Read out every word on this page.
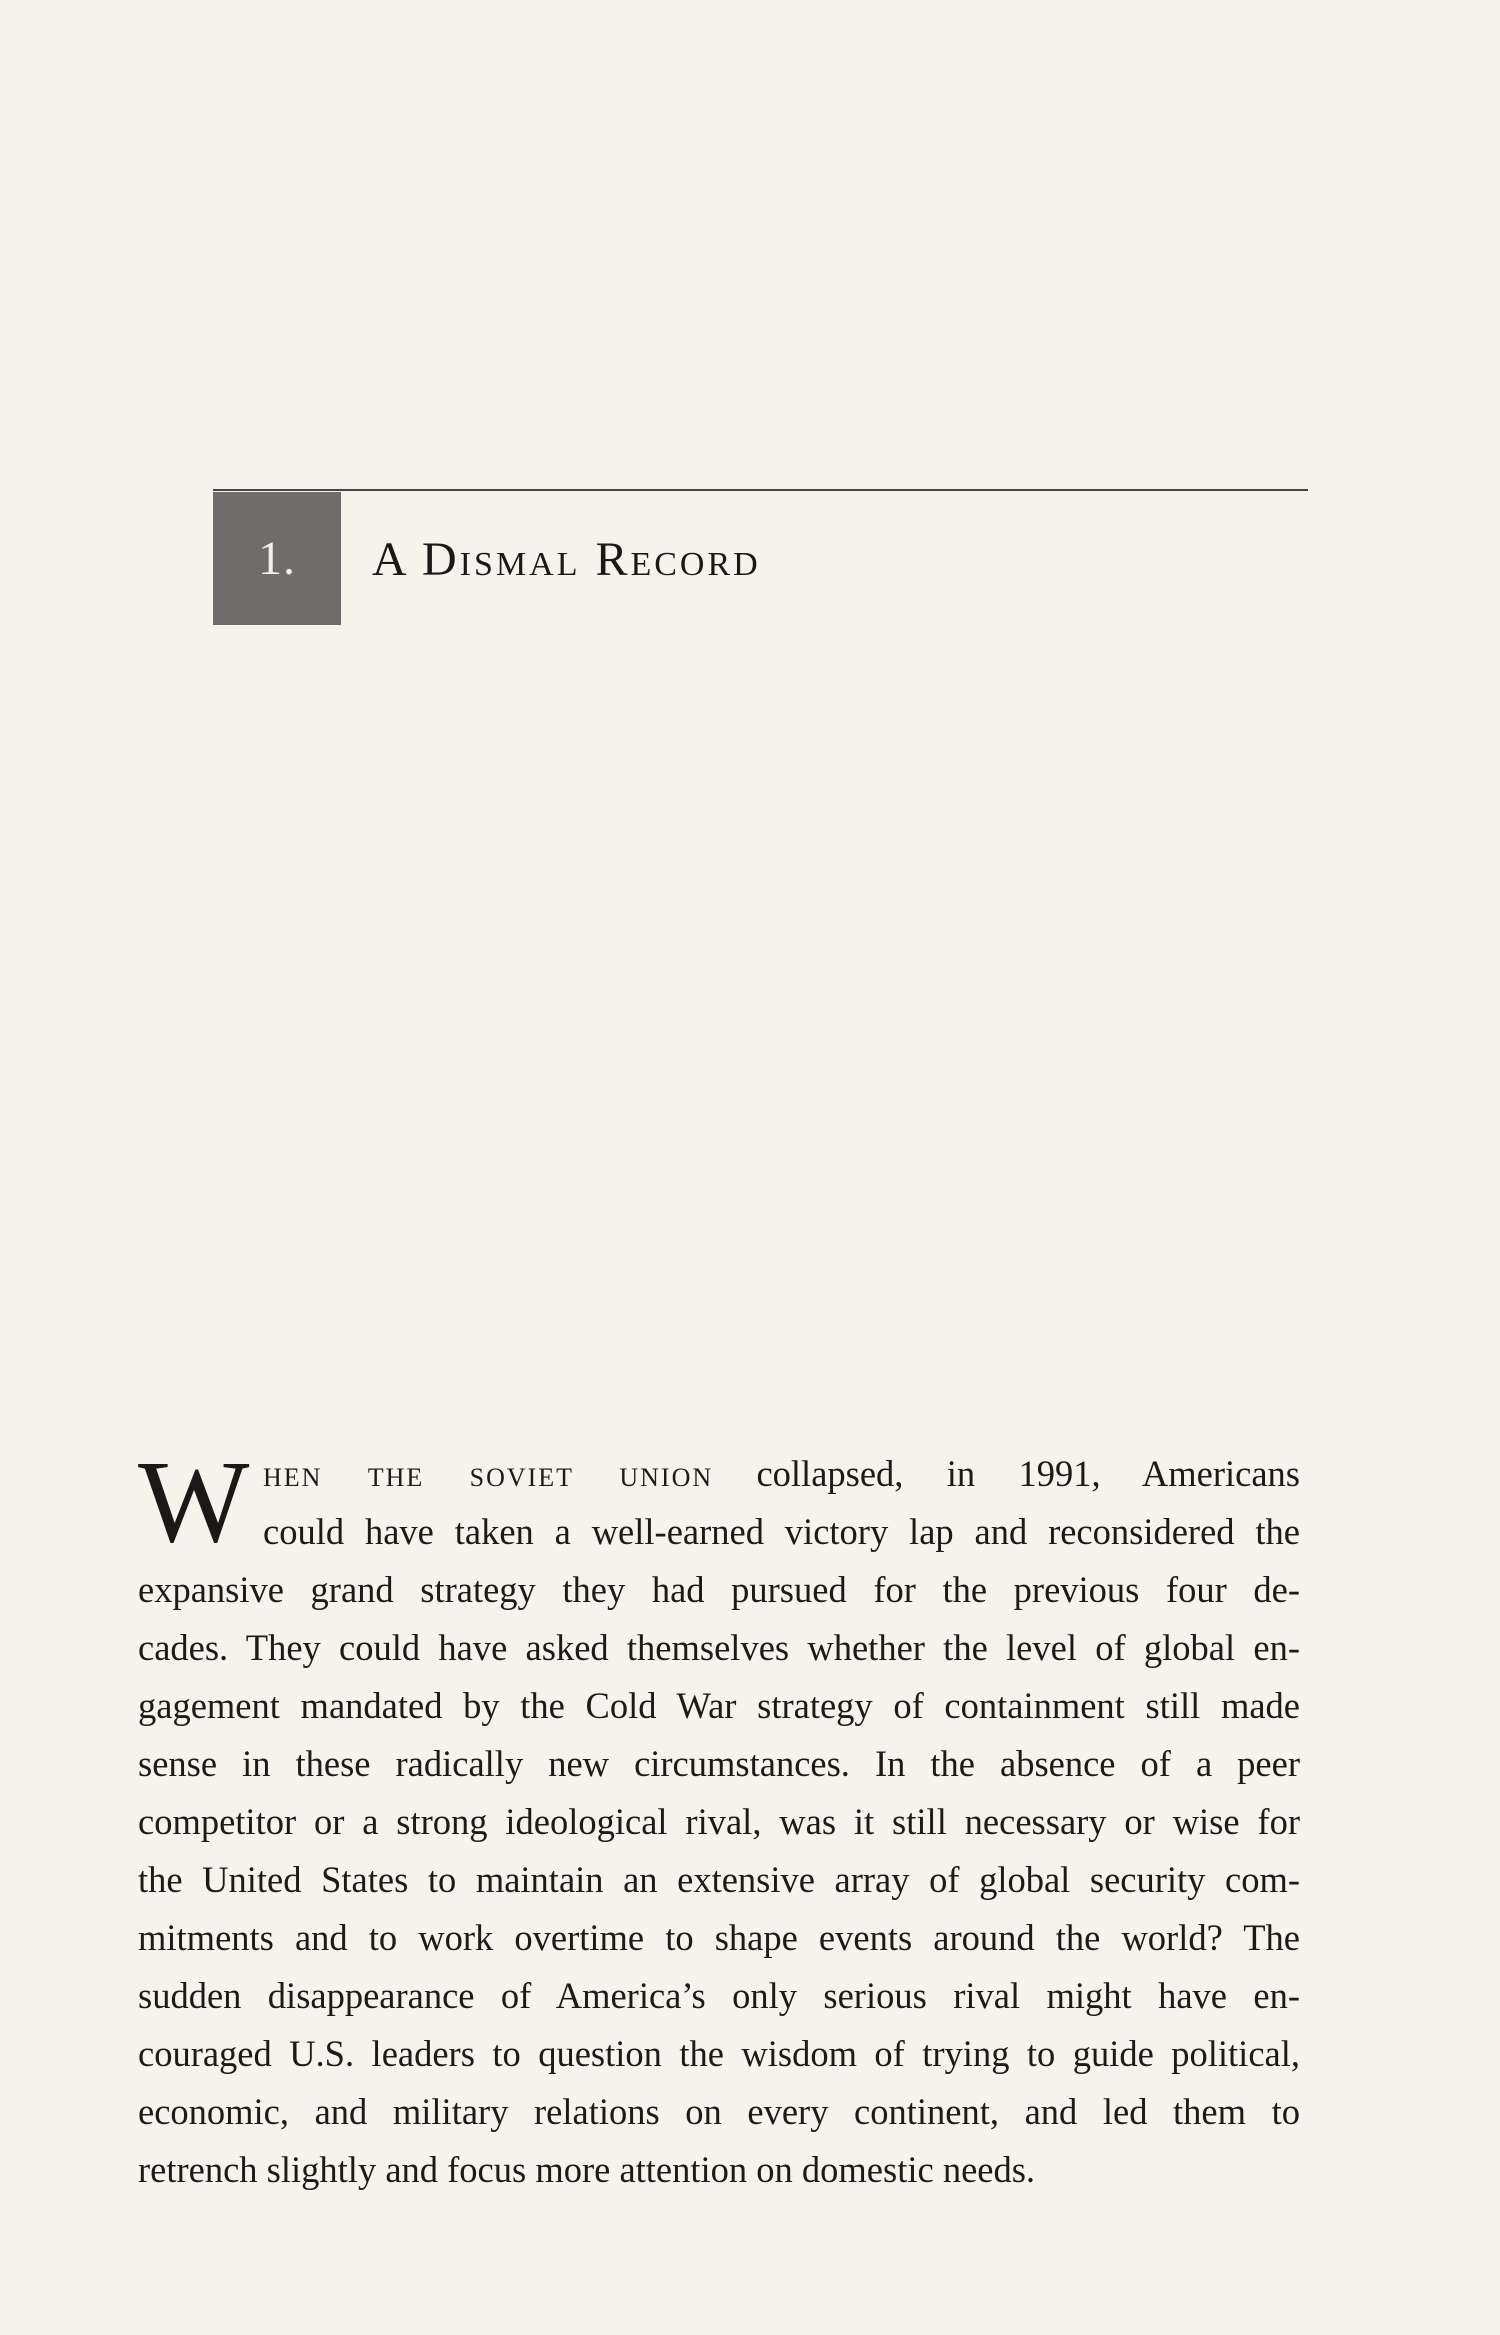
1. A Dismal Record
W hen the soviet union collapsed, in 1991, Americans
could have taken a well-earned victory lap and reconsidered the
expansive grand strategy they had pursued for the previous four de-
cades. They could have asked themselves whether the level of global en-
gagement mandated by the Cold War strategy of containment still made
sense in these radically new circumstances. In the absence of a peer
competitor or a strong ideological rival, was it still necessary or wise for
the United States to maintain an extensive array of global security com-
mitments and to work overtime to shape events around the world? The
sudden disappearance of America’s only serious rival might have en-
couraged U.S. leaders to question the wisdom of trying to guide political,
economic, and military relations on every continent, and led them to
retrench slightly and focus more attention on domestic needs.
